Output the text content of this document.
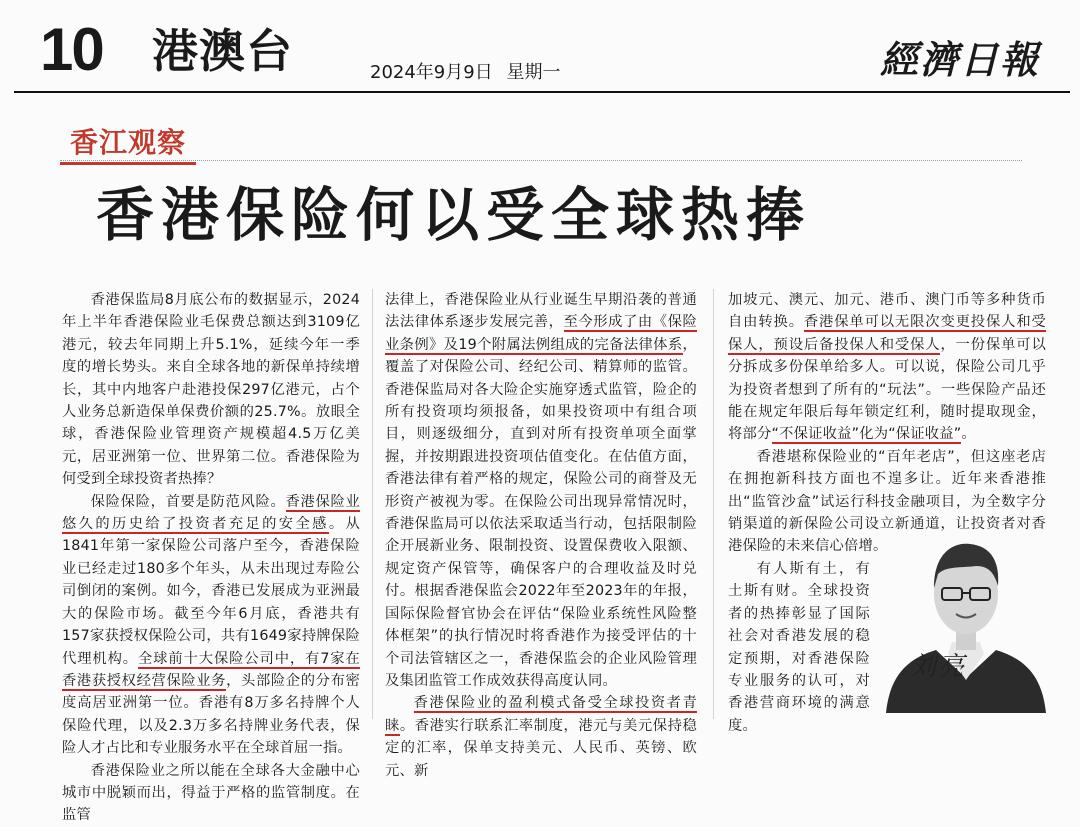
10 港澳台	2024年9月9日 星期一	經濟日報
香江观察
香港保险何以受全球热捧

香港保监局8月底公布的数据显示，2024年上半年香港保险业毛保费总额达到3109亿港元，较去年同期上升5.1%，延续今年一季度的增长势头。来自全球各地的新保单持续增长，其中内地客户赴港投保297亿港元，占个人业务总新造保单保费价额的25.7%。放眼全球，香港保险业管理资产规模超4.5万亿美元，居亚洲第一位、世界第二位。香港保险为何受到全球投资者热捧？

保险保险，首要是防范风险。香港保险业悠久的历史给了投资者充足的安全感。从1841年第一家保险公司落户至今，香港保险业已经走过180多个年头，从未出现过寿险公司倒闭的案例。如今，香港已发展成为亚洲最大的保险市场。截至今年6月底，香港共有157家获授权保险公司，共有1649家持牌保险代理机构。全球前十大保险公司中，有7家在香港获授权经营保险业务，头部险企的分布密度高居亚洲第一位。香港有8万多名持牌个人保险代理，以及2.3万多名持牌业务代表，保险人才占比和专业服务水平在全球首屈一指。

香港保险业之所以能在全球各大金融中心城市中脱颖而出，得益于严格的监管制度。在监管

法律上，香港保险业从行业诞生早期沿袭的普通法法律体系逐步发展完善，至今形成了由《保险业条例》及19个附属法例组成的完备法律体系，覆盖了对保险公司、经纪公司、精算师的监管。香港保监局对各大险企实施穿透式监管，险企的所有投资项均须报备，如果投资项中有组合项目，则逐级细分，直到对所有投资单项全面掌握，并按期跟进投资项估值变化。在估值方面，香港法律有着严格的规定，保险公司的商誉及无形资产被视为零。在保险公司出现异常情况时，香港保监局可以依法采取适当行动，包括限制险企开展新业务、限制投资、设置保费收入限额、规定资产保管等，确保客户的合理收益及时兑付。根据香港保监会2022年至2023年的年报，国际保险督官协会在评估“保险业系统性风险整体框架”的执行情况时将香港作为接受评估的十个司法管辖区之一，香港保监会的企业风险管理及集团监管工作成效获得高度认同。

香港保险业的盈利模式备受全球投资者青睐。香港实行联系汇率制度，港元与美元保持稳定的汇率，保单支持美元、人民币、英镑、欧元、新

加坡元、澳元、加元、港币、澳门币等多种货币自由转换。香港保单可以无限次变更投保人和受保人，预设后备投保人和受保人，一份保单可以分拆成多份保单给多人。可以说，保险公司几乎为投资者想到了所有的“玩法”。一些保险产品还能在规定年限后每年锁定红利，随时提取现金，将部分“不保证收益”化为“保证收益”。

香港堪称保险业的“百年老店”，但这座老店在拥抱新科技方面也不遑多让。近年来香港推出“监管沙盒”试运行科技金融项目，为全数字分销渠道的新保险公司设立新通道，让投资者对香港保险的未来信心倍增。

有人斯有土，有土斯有财。全球投资者的热捧彰显了国际社会对香港发展的稳定预期，对香港保险专业服务的认可，对香港营商环境的满意度。

刘亮
